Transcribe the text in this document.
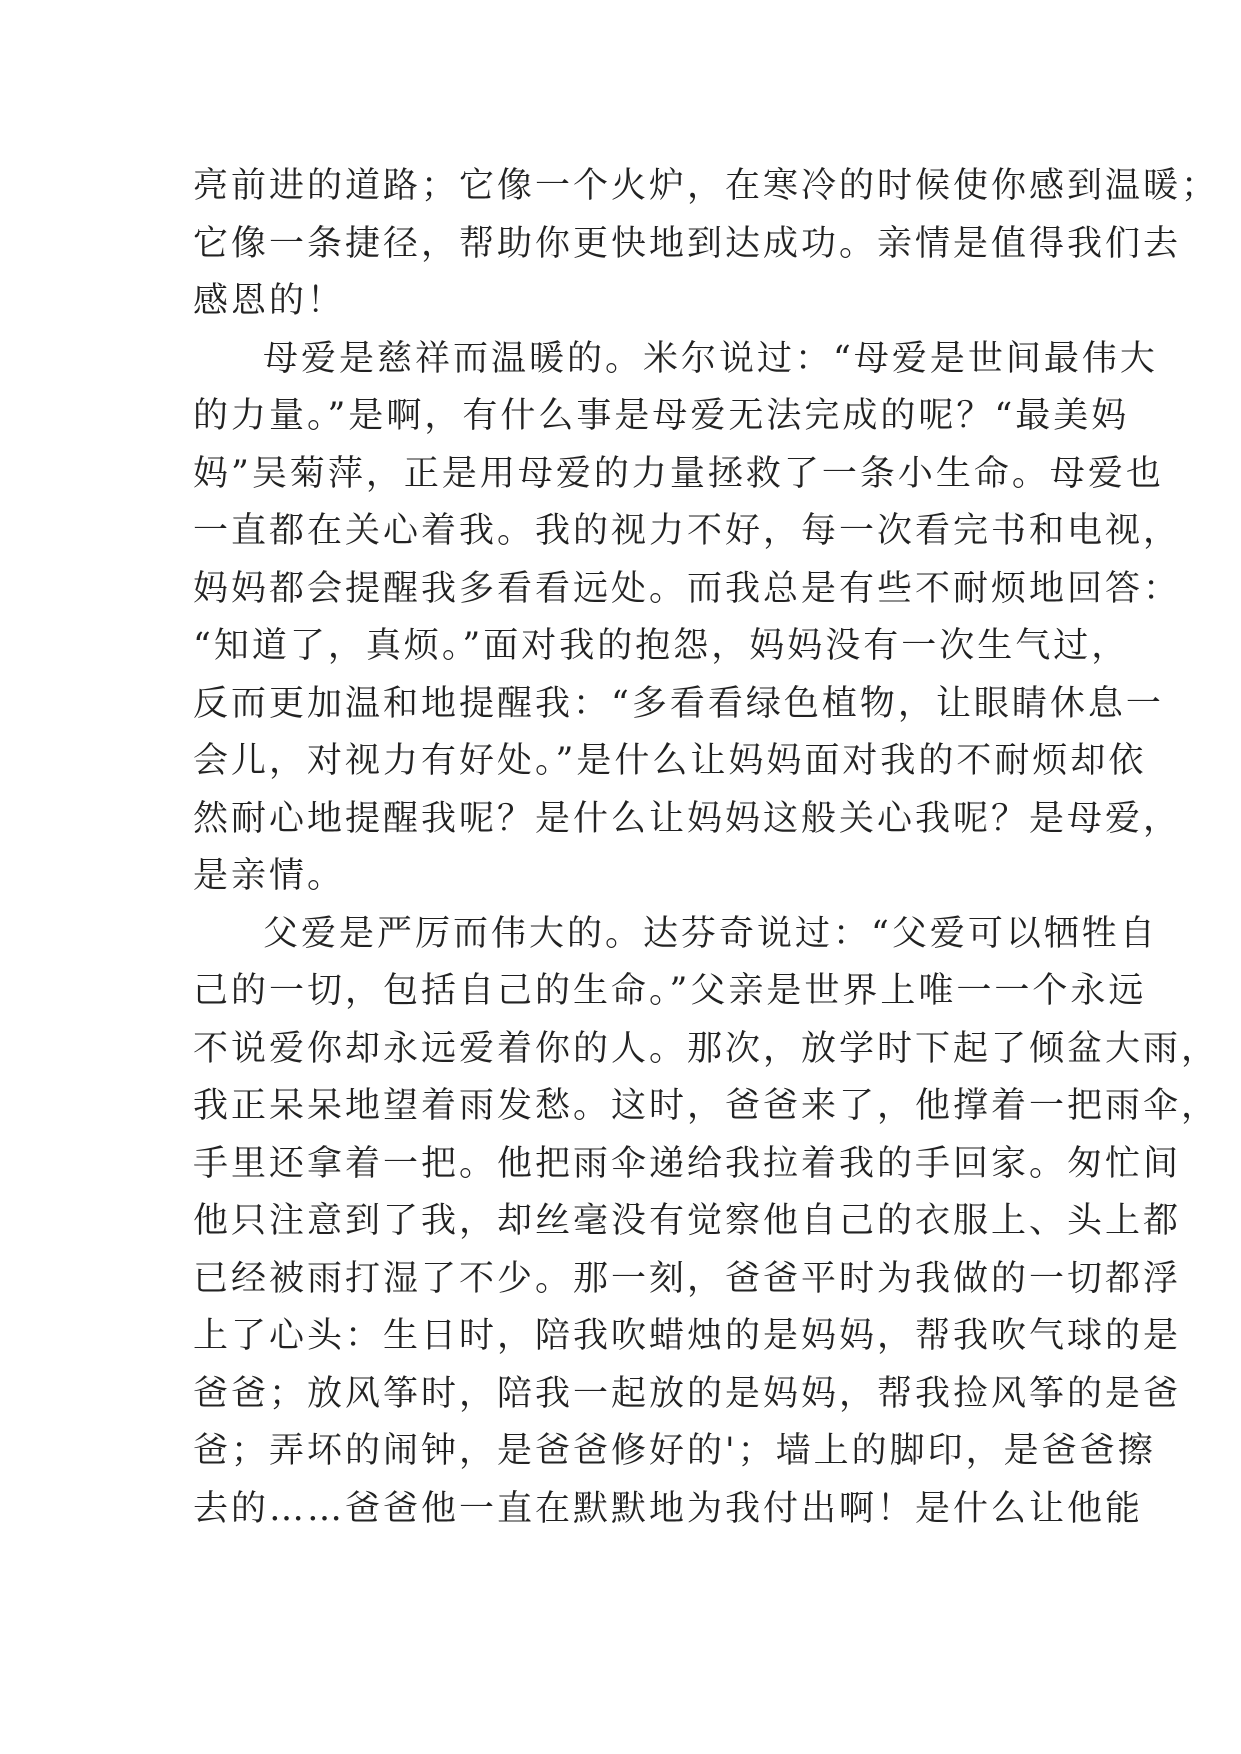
亮前进的道路；它像一个火炉，在寒冷的时候使你感到温暖；
它像一条捷径，帮助你更快地到达成功。亲情是值得我们去
感恩的！
母爱是慈祥而温暖的。米尔说过：“母爱是世间最伟大
的力量。”是啊，有什么事是母爱无法完成的呢？“最美妈
妈”吴菊萍，正是用母爱的力量拯救了一条小生命。母爱也
一直都在关心着我。我的视力不好，每一次看完书和电视，
妈妈都会提醒我多看看远处。而我总是有些不耐烦地回答：
“知道了，真烦。”面对我的抱怨，妈妈没有一次生气过，
反而更加温和地提醒我：“多看看绿色植物，让眼睛休息一
会儿，对视力有好处。”是什么让妈妈面对我的不耐烦却依
然耐心地提醒我呢？是什么让妈妈这般关心我呢？是母爱，
是亲情。
父爱是严厉而伟大的。达芬奇说过：“父爱可以牺牲自
己的一切，包括自己的生命。”父亲是世界上唯一一个永远
不说爱你却永远爱着你的人。那次，放学时下起了倾盆大雨，
我正呆呆地望着雨发愁。这时，爸爸来了，他撑着一把雨伞，
手里还拿着一把。他把雨伞递给我拉着我的手回家。匆忙间
他只注意到了我，却丝毫没有觉察他自己的衣服上、头上都
已经被雨打湿了不少。那一刻，爸爸平时为我做的一切都浮
上了心头：生日时，陪我吹蜡烛的是妈妈，帮我吹气球的是
爸爸；放风筝时，陪我一起放的是妈妈，帮我捡风筝的是爸
爸；弄坏的闹钟，是爸爸修好的'；墙上的脚印，是爸爸擦
去的……爸爸他一直在默默地为我付出啊！是什么让他能
